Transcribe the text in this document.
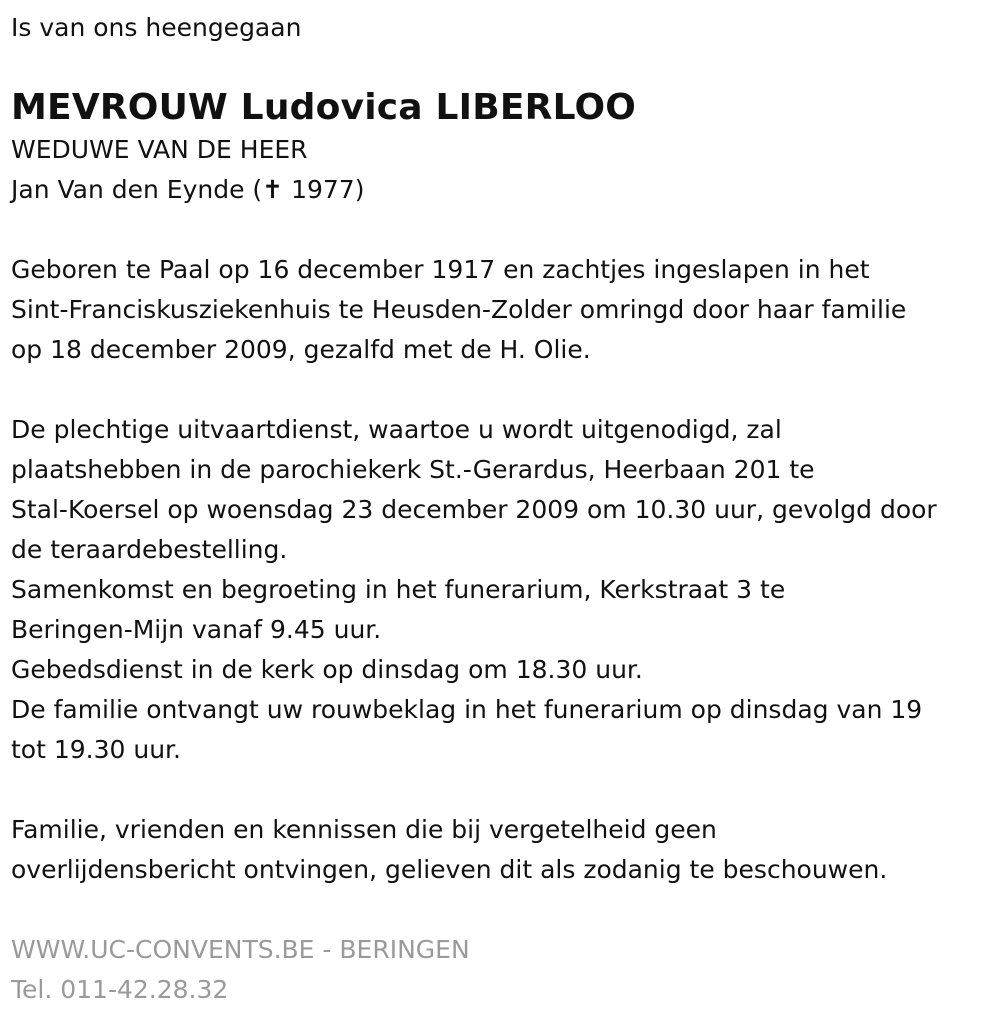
Is van ons heengegaan
MEVROUW Ludovica LIBERLOO
WEDUWE VAN DE HEER
Jan Van den Eynde (✝ 1977)
Geboren te Paal op 16 december 1917 en zachtjes ingeslapen in het
Sint-Franciskusziekenhuis te Heusden-Zolder omringd door haar familie
op 18 december 2009, gezalfd met de H. Olie.
De plechtige uitvaartdienst, waartoe u wordt uitgenodigd, zal
plaatshebben in de parochiekerk St.-Gerardus, Heerbaan 201 te
Stal-Koersel op woensdag 23 december 2009 om 10.30 uur, gevolgd door
de teraardebestelling.
Samenkomst en begroeting in het funerarium, Kerkstraat 3 te
Beringen-Mijn vanaf 9.45 uur.
Gebedsdienst in de kerk op dinsdag om 18.30 uur.
De familie ontvangt uw rouwbeklag in het funerarium op dinsdag van 19
tot 19.30 uur.
Familie, vrienden en kennissen die bij vergetelheid geen
overlijdensbericht ontvingen, gelieven dit als zodanig te beschouwen.
WWW.UC-CONVENTS.BE - BERINGEN
Tel. 011-42.28.32
